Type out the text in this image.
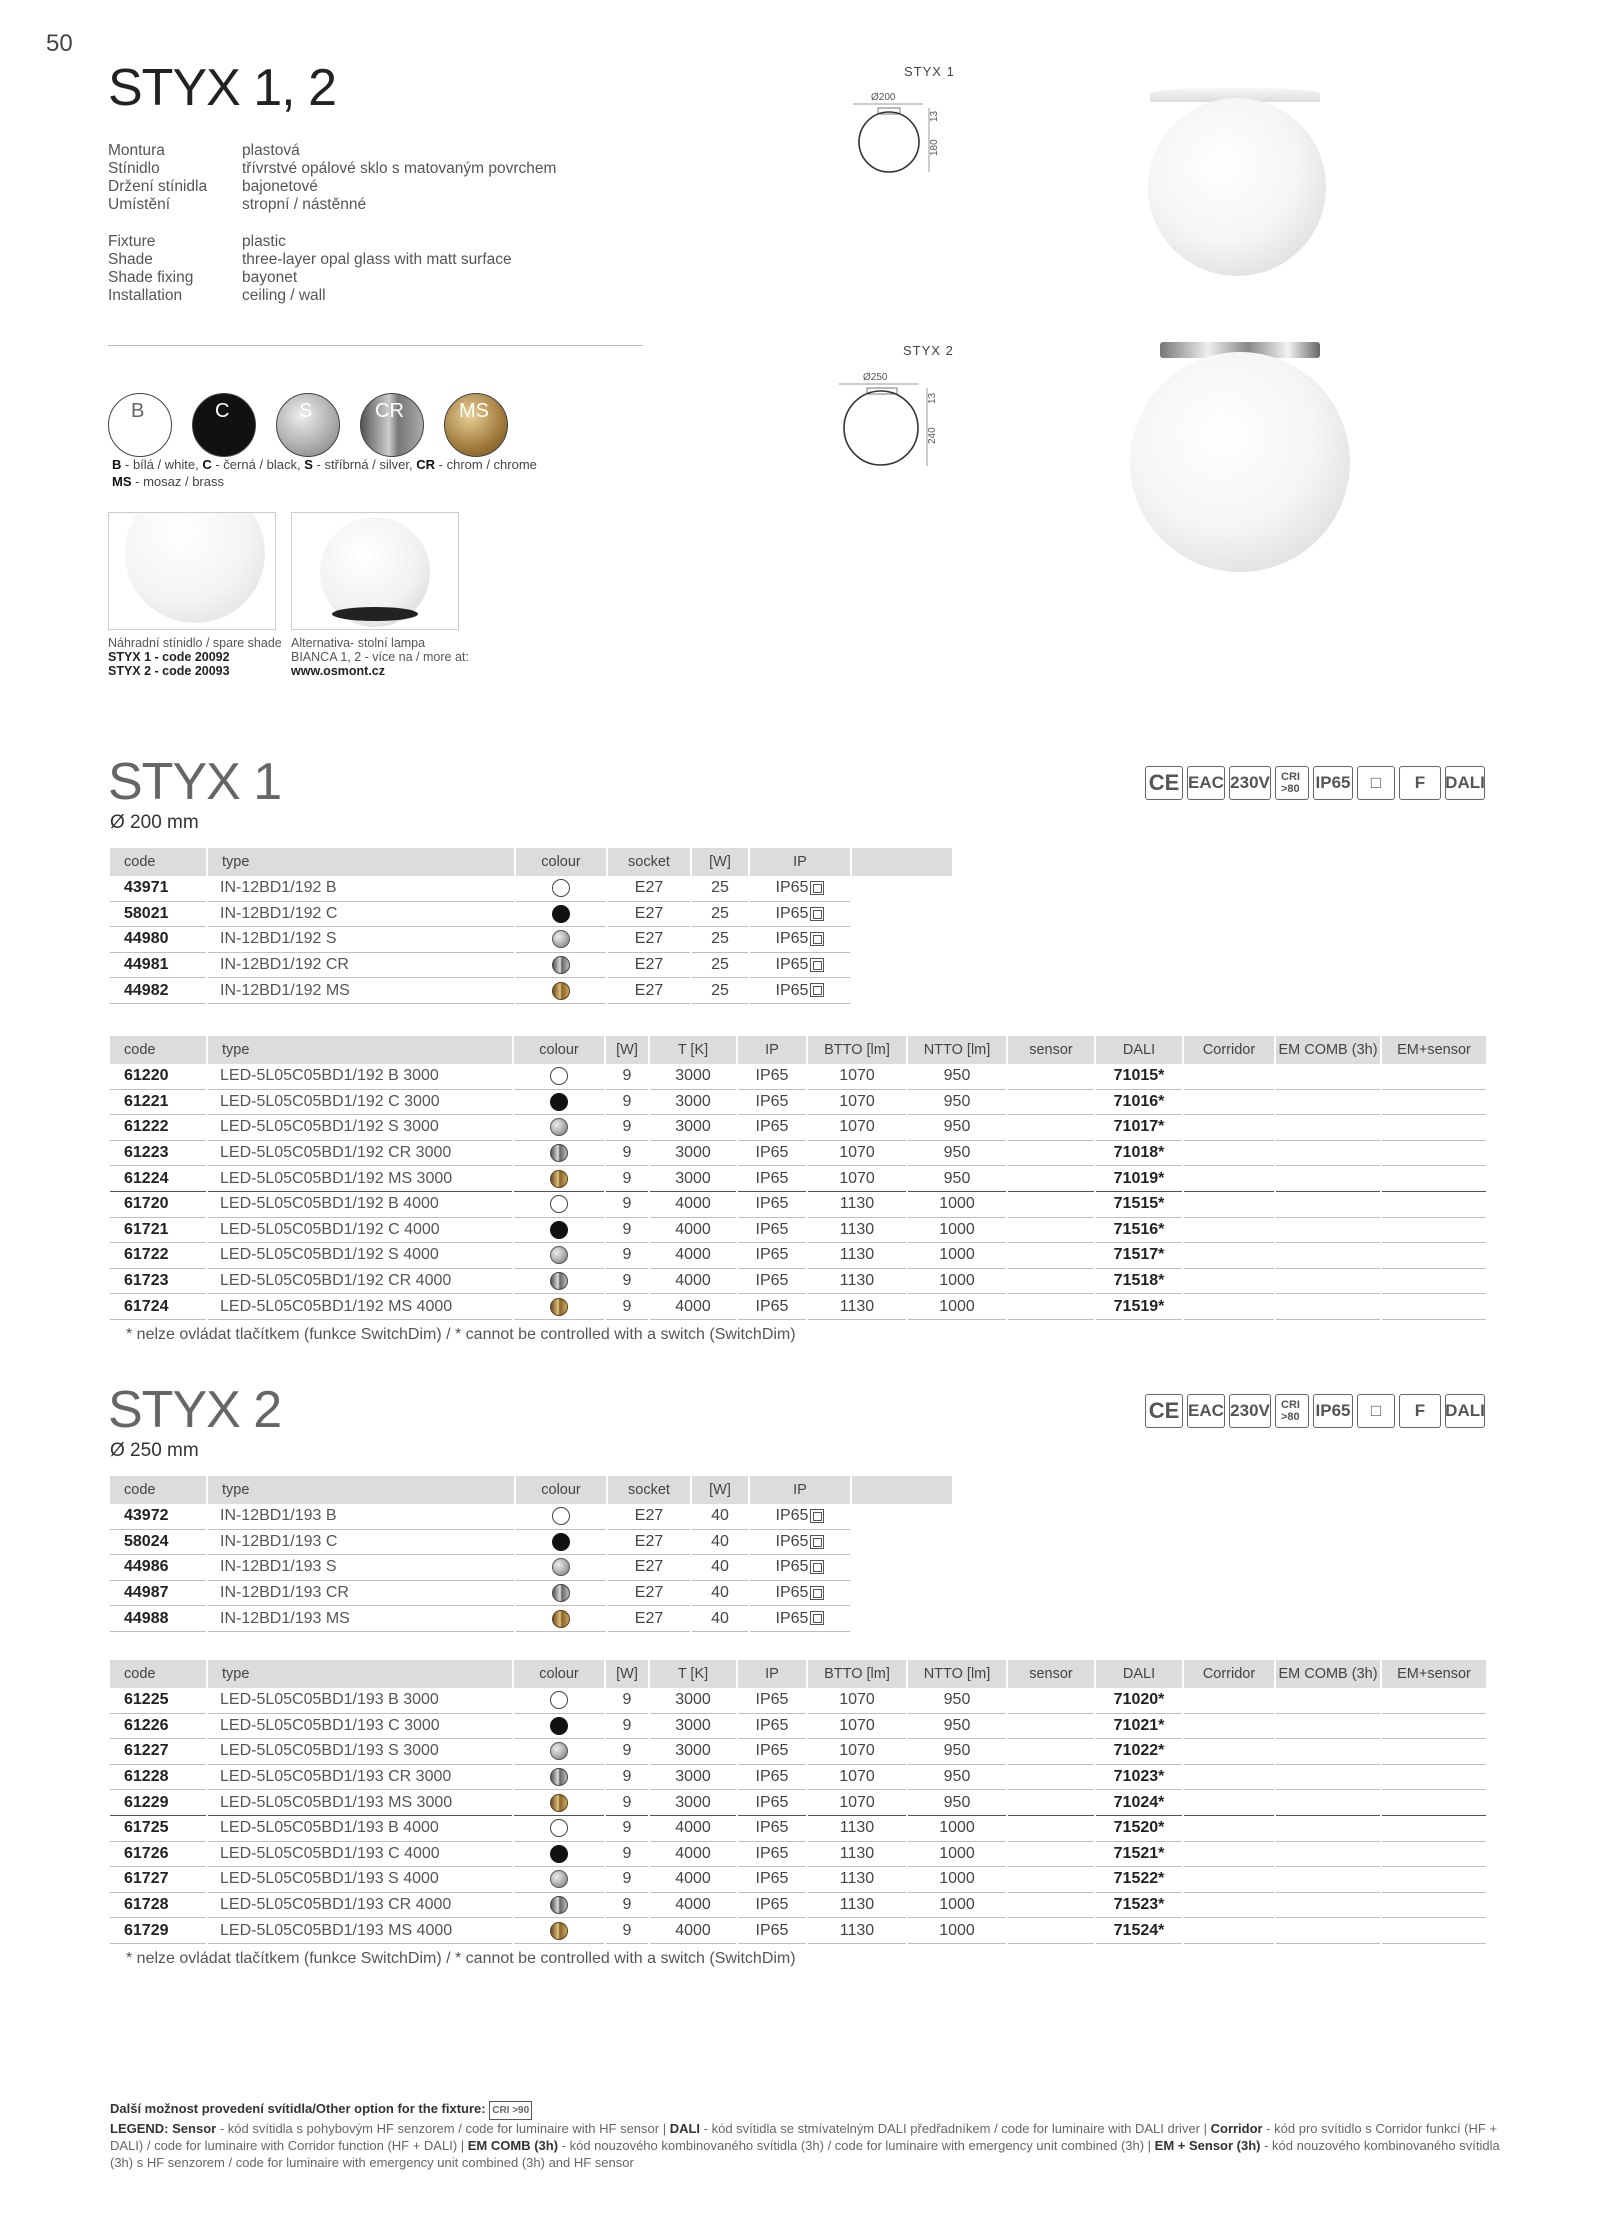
50
STYX 1, 2
Montura	plastová
Stínidlo	třívrstvé opálové sklo s matovaným povrchem
Držení stínidla	bajonetové
Umístění	stropní / nástěnné
Fixture	plastic
Shade	three-layer opal glass with matt surface
Shade fixing	bayonet
Installation	ceiling / wall
B	C	S	CR	MS
B - bílá / white, C - černá / black, S - stříbrná / silver, CR - chrom / chrome
MS - mosaz / brass
Náhradní stínidlo / spare shade
STYX 1 - code 20092
STYX 2 - code 20093
Alternativa- stolní lampa
BIANCA 1, 2 - více na / more at:
www.osmont.cz
STYX 1
Ø200
180
13
STYX 2
Ø250
240
13
STYX 1
Ø 200 mm
CE EAC 230V	CRI >80 IP65	□	F	DALI
code	type	colour	socket	[W]	IP	
43971	IN-12BD1/192 B		E27	25	IP65	
58021	IN-12BD1/192 C		E27	25	IP65	
44980	IN-12BD1/192 S		E27	25	IP65	
44981	IN-12BD1/192 CR		E27	25	IP65	
44982	IN-12BD1/192 MS		E27	25	IP65	
code	type	colour	[W]	T [K]	IP	BTTO [lm]	NTTO [lm]	sensor	DALI	Corridor	EM COMB (3h)	EM+sensor
61220	LED-5L05C05BD1/192 B 3000		9	3000	IP65	1070	950		71015*			
61221	LED-5L05C05BD1/192 C 3000		9	3000	IP65	1070	950		71016*			
61222	LED-5L05C05BD1/192 S 3000		9	3000	IP65	1070	950		71017*			
61223	LED-5L05C05BD1/192 CR 3000		9	3000	IP65	1070	950		71018*			
61224	LED-5L05C05BD1/192 MS 3000		9	3000	IP65	1070	950		71019*			
61720	LED-5L05C05BD1/192 B 4000		9	4000	IP65	1130	1000		71515*			
61721	LED-5L05C05BD1/192 C 4000		9	4000	IP65	1130	1000		71516*			
61722	LED-5L05C05BD1/192 S 4000		9	4000	IP65	1130	1000		71517*			
61723	LED-5L05C05BD1/192 CR 4000		9	4000	IP65	1130	1000		71518*			
61724	LED-5L05C05BD1/192 MS 4000		9	4000	IP65	1130	1000		71519*			
* nelze ovládat tlačítkem (funkce SwitchDim) / * cannot be controlled with a switch (SwitchDim)
STYX 2
Ø 250 mm
CE EAC 230V	CRI >80 IP65	□	F	DALI
code	type	colour	socket	[W]	IP	
43972	IN-12BD1/193 B		E27	40	IP65	
58024	IN-12BD1/193 C		E27	40	IP65	
44986	IN-12BD1/193 S		E27	40	IP65	
44987	IN-12BD1/193 CR		E27	40	IP65	
44988	IN-12BD1/193 MS		E27	40	IP65	
code	type	colour	[W]	T [K]	IP	BTTO [lm]	NTTO [lm]	sensor	DALI	Corridor	EM COMB (3h)	EM+sensor
61225	LED-5L05C05BD1/193 B 3000		9	3000	IP65	1070	950		71020*			
61226	LED-5L05C05BD1/193 C 3000		9	3000	IP65	1070	950		71021*			
61227	LED-5L05C05BD1/193 S 3000		9	3000	IP65	1070	950		71022*			
61228	LED-5L05C05BD1/193 CR 3000		9	3000	IP65	1070	950		71023*			
61229	LED-5L05C05BD1/193 MS 3000		9	3000	IP65	1070	950		71024*			
61725	LED-5L05C05BD1/193 B 4000		9	4000	IP65	1130	1000		71520*			
61726	LED-5L05C05BD1/193 C 4000		9	4000	IP65	1130	1000		71521*			
61727	LED-5L05C05BD1/193 S 4000		9	4000	IP65	1130	1000		71522*			
61728	LED-5L05C05BD1/193 CR 4000		9	4000	IP65	1130	1000		71523*			
61729	LED-5L05C05BD1/193 MS 4000		9	4000	IP65	1130	1000		71524*			
* nelze ovládat tlačítkem (funkce SwitchDim) / * cannot be controlled with a switch (SwitchDim)
Další možnost provedení svítidla/Other option for the fixture: CRI >90
LEGEND: Sensor - kód svítidla s pohybovým HF senzorem / code for luminaire with HF sensor | DALI - kód svítidla se stmívatelným DALI předřadníkem / code for luminaire with DALI driver | Corridor - kód pro svítidlo s Corridor funkcí (HF + DALI) / code for luminaire with Corridor function (HF + DALI) | EM COMB (3h) - kód nouzového kombinovaného svítidla (3h) / code for luminaire with emergency unit combined (3h) | EM + Sensor (3h) - kód nouzového kombinovaného svítidla (3h) s HF senzorem / code for luminaire with emergency unit combined (3h) and HF sensor
